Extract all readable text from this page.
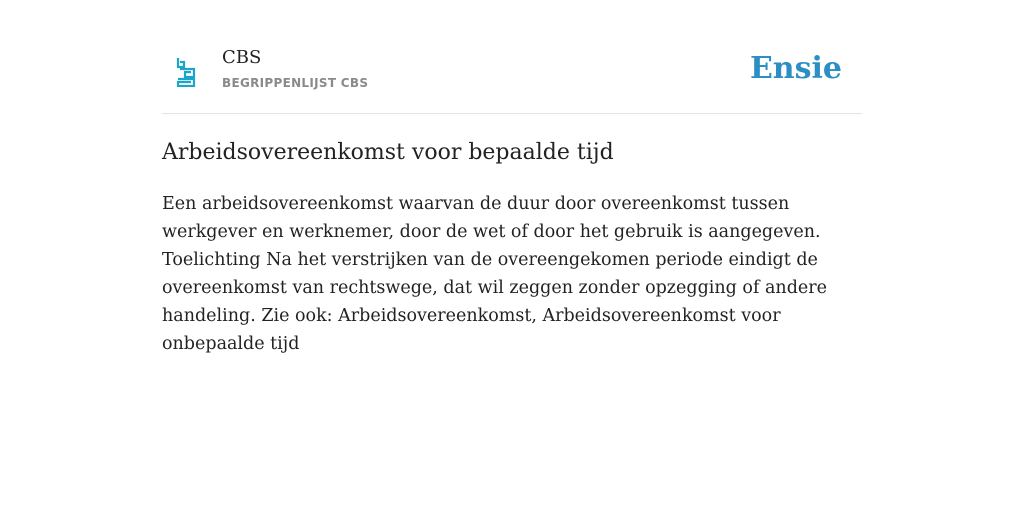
CBS
BEGRIPPENLIJST CBS	Ensie
Arbeidsovereenkomst voor bepaalde tijd

Een arbeidsovereenkomst waarvan de duur door overeenkomst tussen werkgever en werknemer, door de wet of door het gebruik is aangegeven. Toelichting Na het verstrijken van de overeengekomen periode eindigt de overeenkomst van rechtswege, dat wil zeggen zonder opzegging of andere handeling. Zie ook: Arbeidsovereenkomst, Arbeidsovereenkomst voor onbepaalde tijd
